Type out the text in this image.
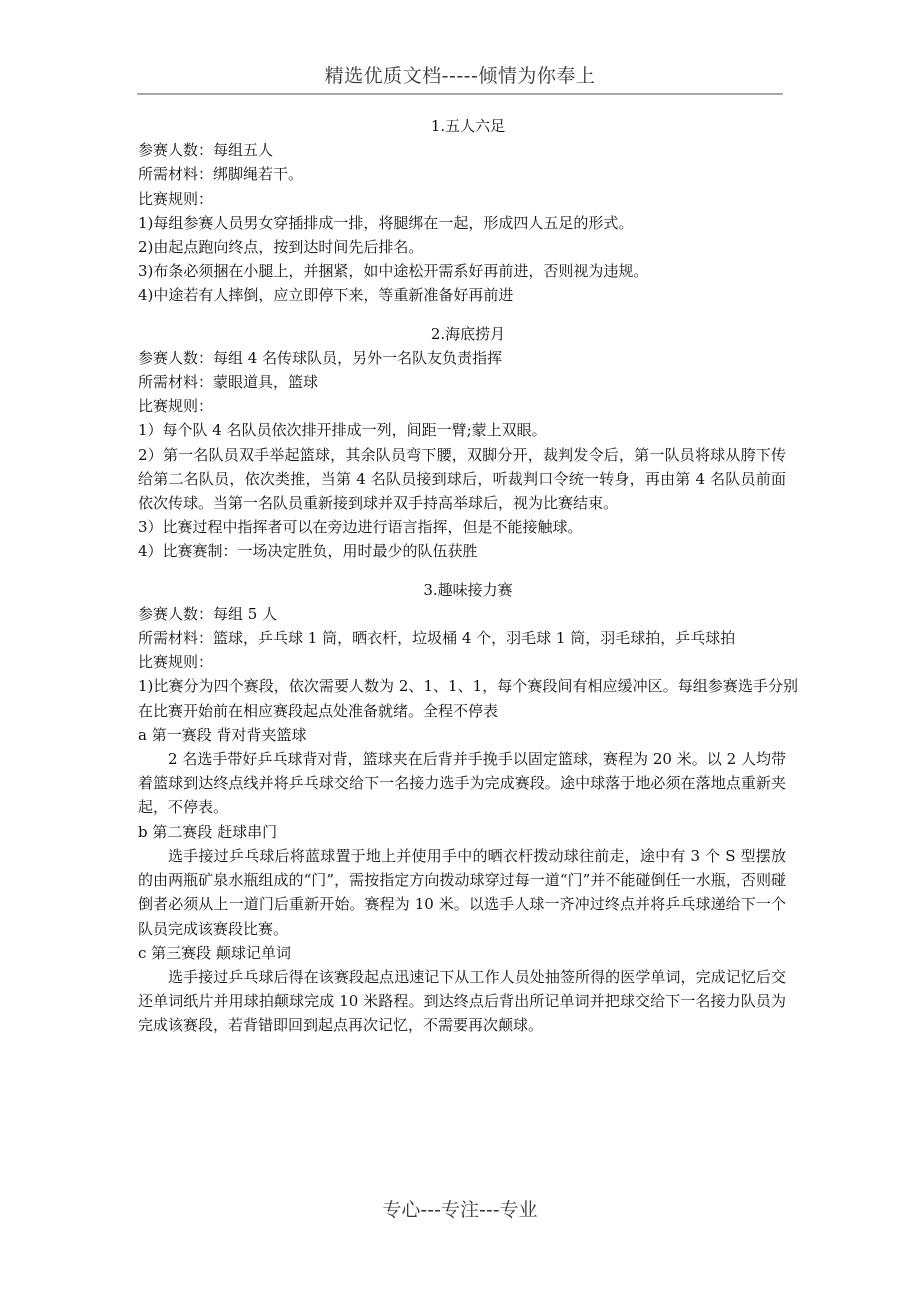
精选优质文档-----倾情为你奉上

1.五人六足

参赛人数：每组五人

所需材料：绑脚绳若干。

比赛规则：

1)每组参赛人员男女穿插排成一排，将腿绑在一起，形成四人五足的形式。

2)由起点跑向终点，按到达时间先后排名。

3)布条必须捆在小腿上，并捆紧，如中途松开需系好再前进，否则视为违规。

4)中途若有人摔倒，应立即停下来，等重新准备好再前进

2.海底捞月

参赛人数：每组 4 名传球队员，另外一名队友负责指挥

所需材料：蒙眼道具，篮球

比赛规则：

1）每个队 4 名队员依次排开排成一列，间距一臂;蒙上双眼。

2）第一名队员双手举起篮球，其余队员弯下腰，双脚分开，裁判发令后，第一队员将球从胯下传给第二名队员，依次类推，当第 4 名队员接到球后，听裁判口令统一转身，再由第 4 名队员前面依次传球。当第一名队员重新接到球并双手持高举球后，视为比赛结束。

3）比赛过程中指挥者可以在旁边进行语言指挥，但是不能接触球。

4）比赛赛制：一场决定胜负，用时最少的队伍获胜

3.趣味接力赛

参赛人数：每组 5 人

所需材料：篮球，乒乓球 1 筒，晒衣杆，垃圾桶 4 个，羽毛球 1 筒，羽毛球拍，乒乓球拍

比赛规则：

1)比赛分为四个赛段，依次需要人数为 2、1、1、1，每个赛段间有相应缓冲区。每组参赛选手分别在比赛开始前在相应赛段起点处准备就绪。全程不停表

a 第一赛段 背对背夹篮球

2 名选手带好乒乓球背对背，篮球夹在后背并手挽手以固定篮球，赛程为 20 米。以 2 人均带着篮球到达终点线并将乒乓球交给下一名接力选手为完成赛段。途中球落于地必须在落地点重新夹起，不停表。

b 第二赛段 赶球串门

选手接过乒乓球后将蓝球置于地上并使用手中的晒衣杆拨动球往前走，途中有 3 个 S 型摆放的由两瓶矿泉水瓶组成的“门”，需按指定方向拨动球穿过每一道“门”并不能碰倒任一水瓶，否则碰倒者必须从上一道门后重新开始。赛程为 10 米。以选手人球一齐冲过终点并将乒乓球递给下一个队员完成该赛段比赛。

c 第三赛段 颠球记单词

选手接过乒乓球后得在该赛段起点迅速记下从工作人员处抽签所得的医学单词，完成记忆后交还单词纸片并用球拍颠球完成 10 米路程。到达终点后背出所记单词并把球交给下一名接力队员为完成该赛段，若背错即回到起点再次记忆，不需要再次颠球。

专心---专注---专业
